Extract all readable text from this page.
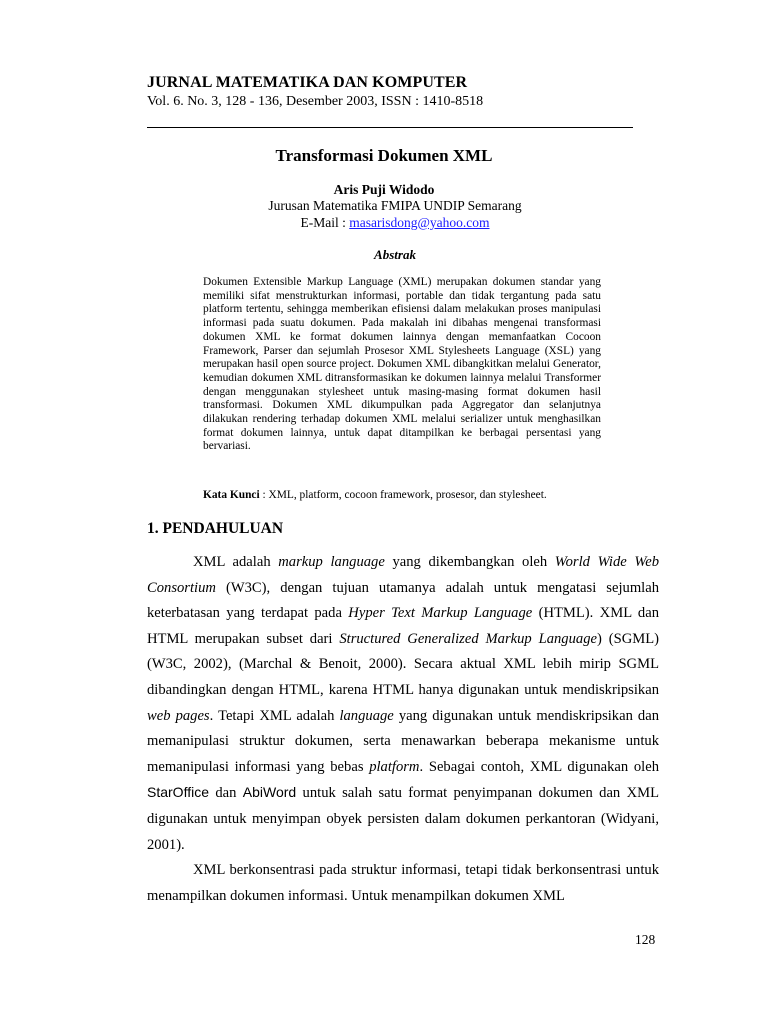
JURNAL MATEMATIKA DAN KOMPUTER
Vol. 6. No. 3, 128 - 136, Desember 2003, ISSN : 1410-8518
Transformasi Dokumen XML
Aris Puji Widodo
Jurusan Matematika FMIPA UNDIP Semarang
E-Mail : masarisdong@yahoo.com
Abstrak
Dokumen Extensible Markup Language (XML) merupakan dokumen standar yang memiliki sifat menstrukturkan informasi, portable dan tidak tergantung pada satu platform tertentu, sehingga memberikan efisiensi dalam melakukan proses manipulasi informasi pada suatu dokumen. Pada makalah ini dibahas mengenai transformasi dokumen XML ke format dokumen lainnya dengan memanfaatkan Cocoon Framework, Parser dan sejumlah Prosesor XML Stylesheets Language (XSL) yang merupakan hasil open source project. Dokumen XML dibangkitkan melalui Generator, kemudian dokumen XML ditransformasikan ke dokumen lainnya melalui Transformer dengan menggunakan stylesheet untuk masing-masing format dokumen hasil transformasi. Dokumen XML dikumpulkan pada Aggregator dan selanjutnya dilakukan rendering terhadap dokumen XML melalui serializer untuk menghasilkan format dokumen lainnya, untuk dapat ditampilkan ke berbagai persentasi yang bervariasi.
Kata Kunci : XML, platform, cocoon framework, prosesor, dan stylesheet.
1. PENDAHULUAN

XML adalah markup language yang dikembangkan oleh World Wide Web Consortium (W3C), dengan tujuan utamanya adalah untuk mengatasi sejumlah keterbatasan yang terdapat pada Hyper Text Markup Language (HTML). XML dan HTML merupakan subset dari Structured Generalized Markup Language) (SGML) (W3C, 2002), (Marchal & Benoit, 2000). Secara aktual XML lebih mirip SGML dibandingkan dengan HTML, karena HTML hanya digunakan untuk mendiskripsikan web pages. Tetapi XML adalah language yang digunakan untuk mendiskripsikan dan memanipulasi struktur dokumen, serta menawarkan beberapa mekanisme untuk memanipulasi informasi yang bebas platform. Sebagai contoh, XML digunakan oleh StarOffice dan AbiWord untuk salah satu format penyimpanan dokumen dan XML digunakan untuk menyimpan obyek persisten dalam dokumen perkantoran (Widyani, 2001).

XML berkonsentrasi pada struktur informasi, tetapi tidak berkonsentrasi untuk menampilkan dokumen informasi. Untuk menampilkan dokumen XML

128
